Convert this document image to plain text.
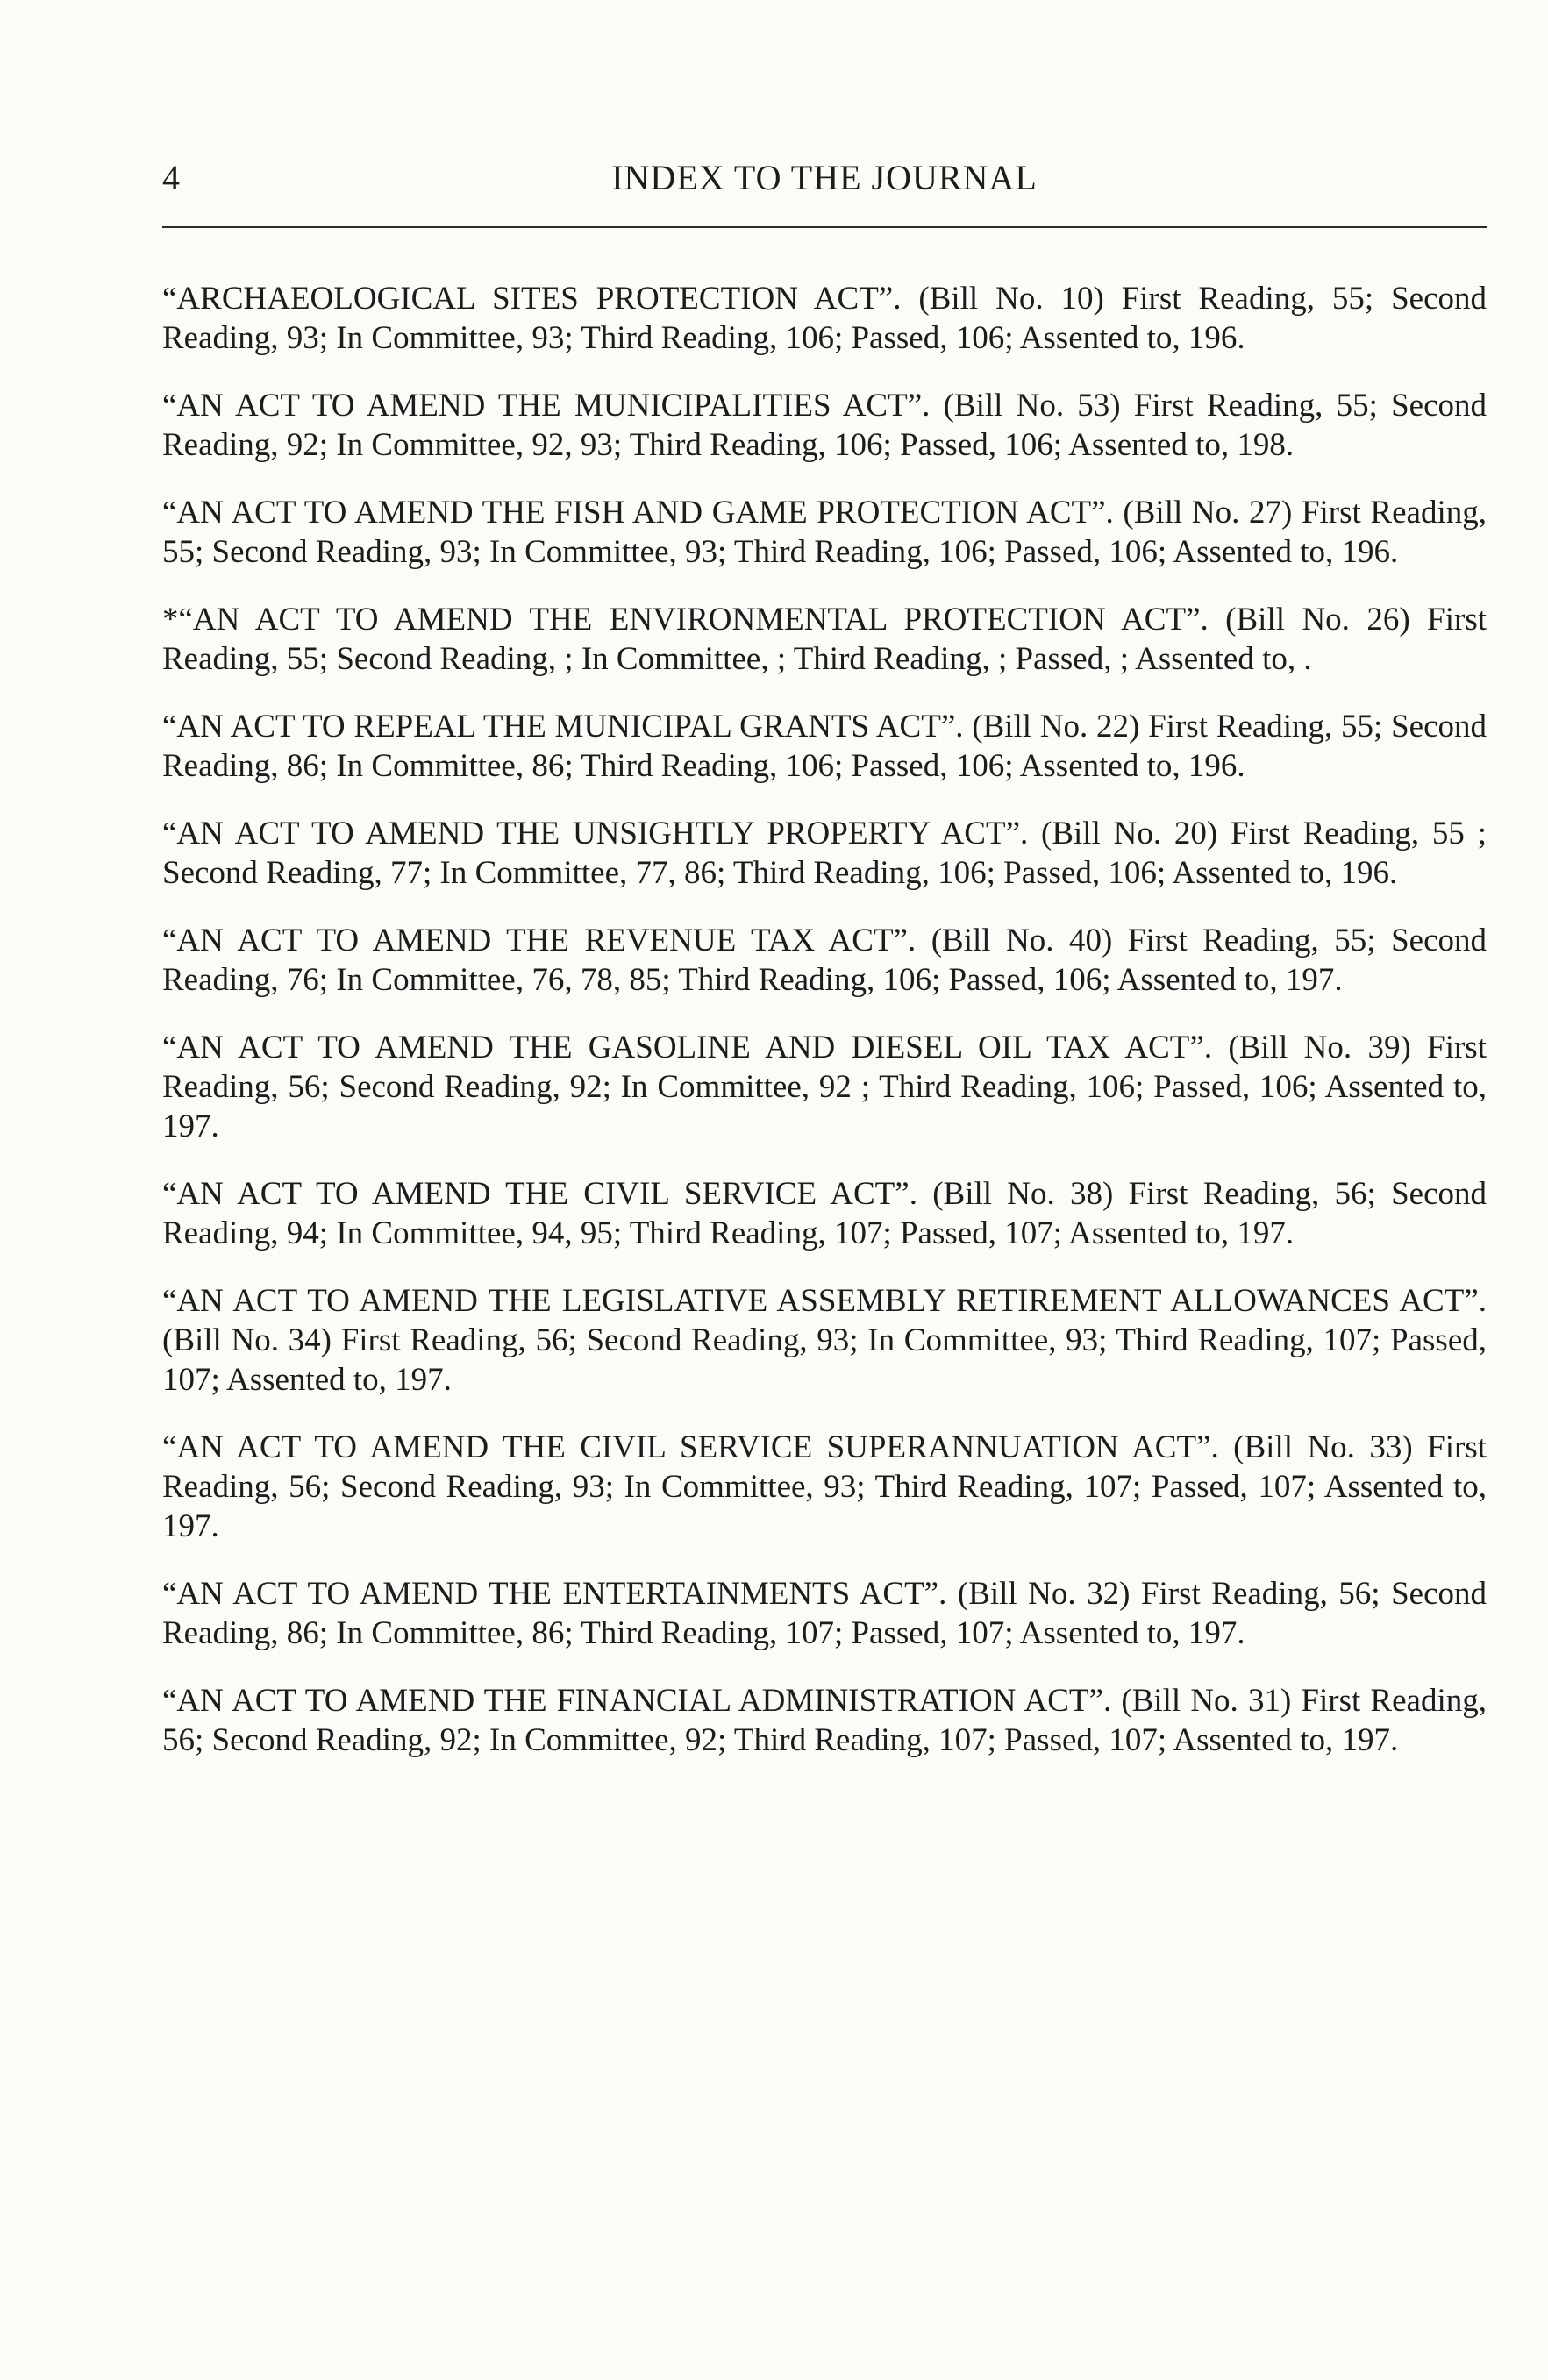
4	INDEX TO THE JOURNAL

“ARCHAEOLOGICAL SITES PROTECTION ACT”. (Bill No. 10) First Reading, 55; Second Reading, 93; In Committee, 93; Third Reading, 106; Passed, 106; Assented to, 196.

“AN ACT TO AMEND THE MUNICIPALITIES ACT”. (Bill No. 53) First Reading, 55; Second Reading, 92; In Committee, 92, 93; Third Reading, 106; Passed, 106; Assented to, 198.

“AN ACT TO AMEND THE FISH AND GAME PROTECTION ACT”. (Bill No. 27) First Reading, 55; Second Reading, 93; In Committee, 93; Third Reading, 106; Passed, 106; Assented to, 196.

*“AN ACT TO AMEND THE ENVIRONMENTAL PROTECTION ACT”. (Bill No. 26) First Reading, 55; Second Reading, ; In Committee, ; Third Reading, ; Passed, ; Assented to, .

“AN ACT TO REPEAL THE MUNICIPAL GRANTS ACT”. (Bill No. 22) First Reading, 55; Second Reading, 86; In Committee, 86; Third Reading, 106; Passed, 106; Assented to, 196.

“AN ACT TO AMEND THE UNSIGHTLY PROPERTY ACT”. (Bill No. 20) First Reading, 55 ; Second Reading, 77; In Committee, 77, 86; Third Reading, 106; Passed, 106; Assented to, 196.

“AN ACT TO AMEND THE REVENUE TAX ACT”. (Bill No. 40) First Reading, 55; Second Reading, 76; In Committee, 76, 78, 85; Third Reading, 106; Passed, 106; Assented to, 197.

“AN ACT TO AMEND THE GASOLINE AND DIESEL OIL TAX ACT”. (Bill No. 39) First Reading, 56; Second Reading, 92; In Committee, 92 ; Third Reading, 106; Passed, 106; Assented to, 197.

“AN ACT TO AMEND THE CIVIL SERVICE ACT”. (Bill No. 38) First Reading, 56; Second Reading, 94; In Committee, 94, 95; Third Reading, 107; Passed, 107; Assented to, 197.

“AN ACT TO AMEND THE LEGISLATIVE ASSEMBLY RETIREMENT ALLOWANCES ACT”. (Bill No. 34) First Reading, 56; Second Reading, 93; In Committee, 93; Third Reading, 107; Passed, 107; Assented to, 197.

“AN ACT TO AMEND THE CIVIL SERVICE SUPERANNUATION ACT”. (Bill No. 33) First Reading, 56; Second Reading, 93; In Committee, 93; Third Reading, 107; Passed, 107; Assented to, 197.

“AN ACT TO AMEND THE ENTERTAINMENTS ACT”. (Bill No. 32) First Reading, 56; Second Reading, 86; In Committee, 86; Third Reading, 107; Passed, 107; Assented to, 197.

“AN ACT TO AMEND THE FINANCIAL ADMINISTRATION ACT”. (Bill No. 31) First Reading, 56; Second Reading, 92; In Committee, 92; Third Reading, 107; Passed, 107; Assented to, 197.
